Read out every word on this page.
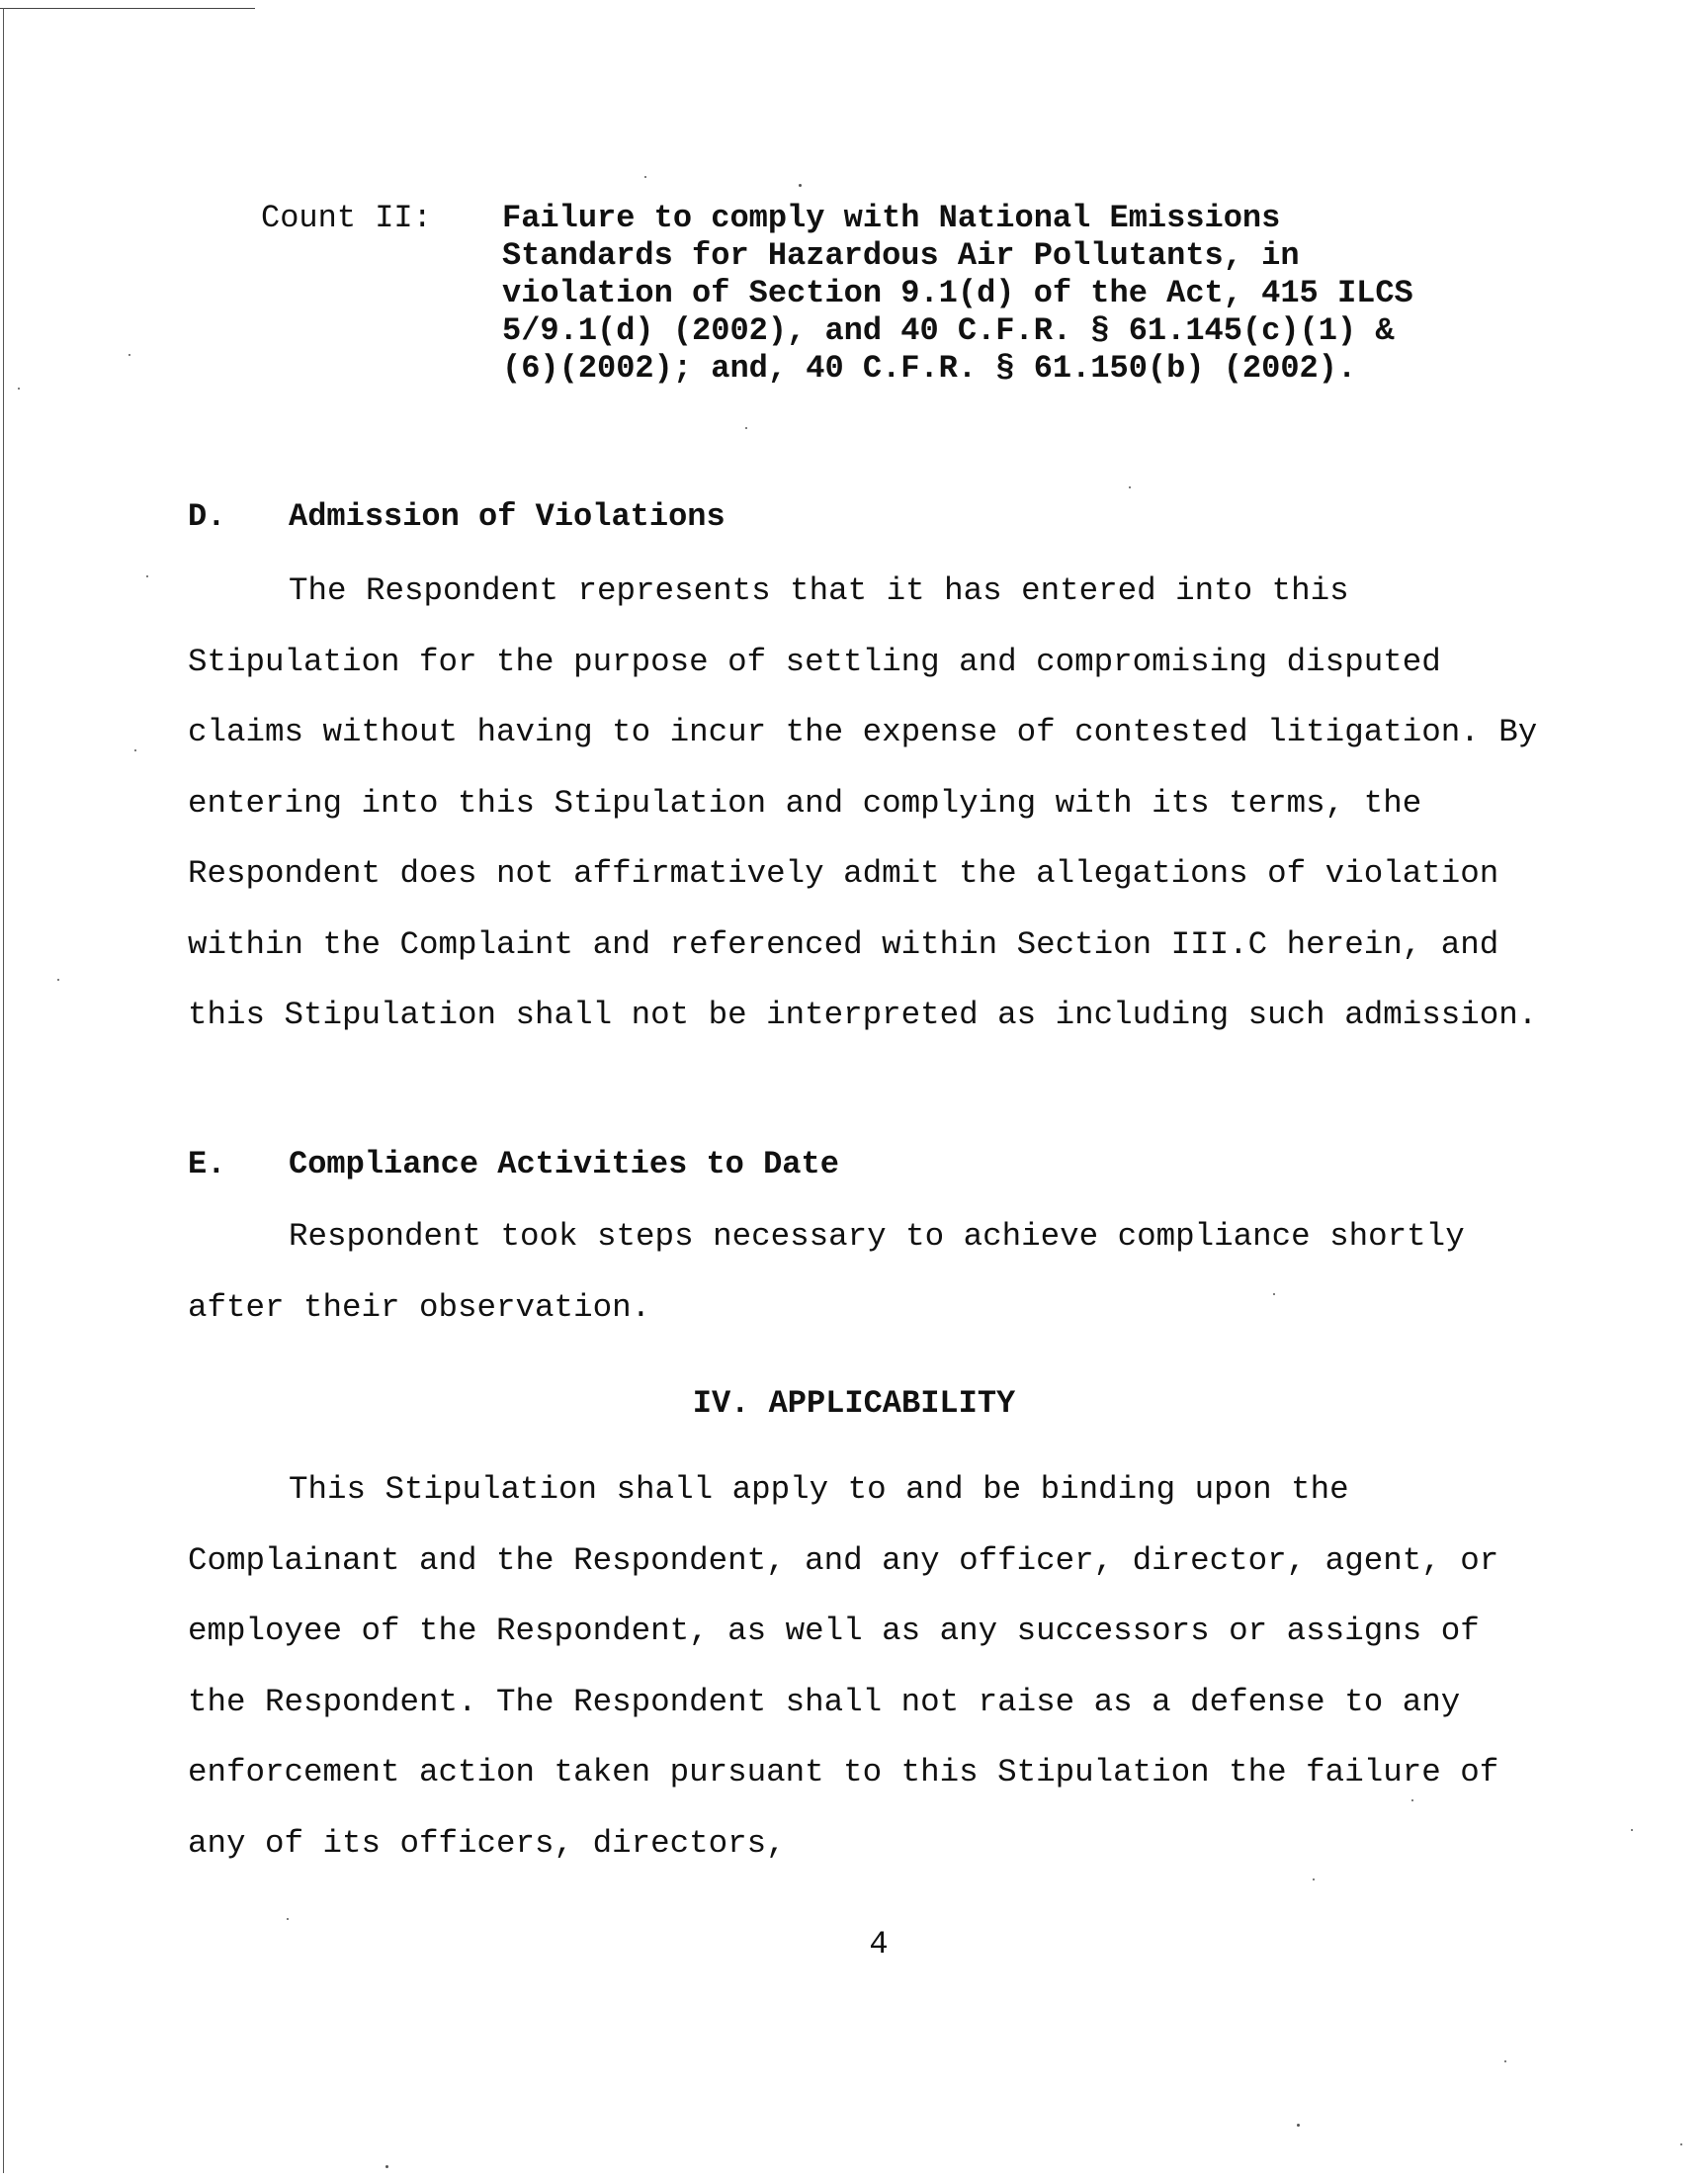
Count II: Failure to comply with National Emissions
Standards for Hazardous Air Pollutants, in
violation of Section 9.1(d) of the Act, 415 ILCS
5/9.1(d) (2002), and 40 C.F.R. § 61.145(c)(1) &
(6)(2002); and, 40 C.F.R. § 61.150(b) (2002).
D. Admission of Violations
The Respondent represents that it has entered into this Stipulation for the purpose of settling and compromising disputed claims without having to incur the expense of contested litigation. By entering into this Stipulation and complying with its terms, the Respondent does not affirmatively admit the allegations of violation within the Complaint and referenced within Section III.C herein, and this Stipulation shall not be interpreted as including such admission.
E. Compliance Activities to Date
Respondent took steps necessary to achieve compliance shortly after their observation.
IV. APPLICABILITY
This Stipulation shall apply to and be binding upon the Complainant and the Respondent, and any officer, director, agent, or employee of the Respondent, as well as any successors or assigns of the Respondent. The Respondent shall not raise as a defense to any enforcement action taken pursuant to this Stipulation the failure of any of its officers, directors,
4
